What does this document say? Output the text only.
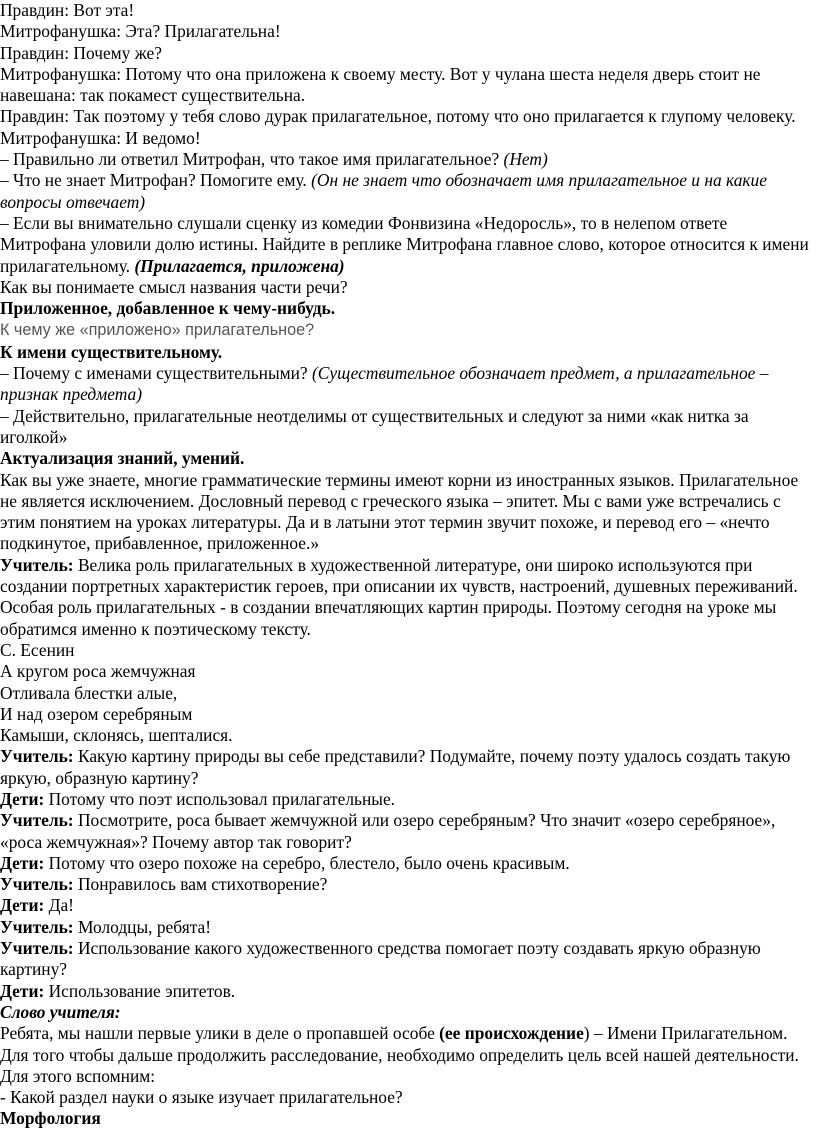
Правдин: Вот эта!

Митрофанушка: Эта? Прилагательна!

Правдин: Почему же?

Митрофанушка: Потому что она приложена к своему месту. Вот у чулана шеста неделя дверь стоит не навешана: так покамест существительна.

Правдин: Так поэтому у тебя слово дурак прилагательное, потому что оно прилагается к глупому человеку.

Митрофанушка: И ведомо!

– Правильно ли ответил Митрофан, что такое имя прилагательное? (Нет)

– Что не знает Митрофан? Помогите ему. (Он не знает что обозначает имя прилагательное и на какие вопросы отвечает)

– Если вы внимательно слушали сценку из комедии Фонвизина «Недоросль», то в нелепом ответе Митрофана уловили долю истины. Найдите в реплике Митрофана главное слово, которое относится к имени прилагательному. (Прилагается, приложена)

Как вы понимаете смысл названия части речи?

Приложенное, добавленное к чему-нибудь.

К чему же «приложено» прилагательное?

К имени существительному.

– Почему с именами существительными? (Существительное обозначает предмет, а прилагательное – признак предмета)

– Действительно, прилагательные неотделимы от существительных и следуют за ними «как нитка за иголкой»

Актуализация знаний, умений.

Как вы уже знаете, многие грамматические термины имеют корни из иностранных языков. Прилагательное не является исключением. Дословный перевод с греческого языка – эпитет. Мы с вами уже встречались с этим понятием на уроках литературы. Да и в латыни этот термин звучит похоже, и перевод его – «нечто подкинутое, прибавленное, приложенное.»

Учитель: Велика роль прилагательных в художественной литературе, они широко используются при создании портретных характеристик героев, при описании их чувств, настроений, душевных переживаний. Особая роль прилагательных - в создании впечатляющих картин природы. Поэтому сегодня на уроке мы обратимся именно к поэтическому тексту.

С. Есенин

А кругом роса жемчужная

Отливала блестки алые,

И над озером серебряным

Камыши, склонясь, шепталися.

Учитель: Какую картину природы вы себе представили? Подумайте, почему поэту удалось создать такую яркую, образную картину?

Дети: Потому что поэт использовал прилагательные.

Учитель: Посмотрите, роса бывает жемчужной или озеро серебряным? Что значит «озеро серебряное», «роса жемчужная»? Почему автор так говорит?

Дети: Потому что озеро похоже на серебро, блестело, было очень красивым.

Учитель: Понравилось вам стихотворение?

Дети: Да!

Учитель: Молодцы, ребята!

Учитель: Использование какого художественного средства помогает поэту создавать яркую образную картину?

Дети: Использование эпитетов.

Слово учителя:

Ребята, мы нашли первые улики в деле о пропавшей особе (ее происхождение) – Имени Прилагательном. Для того чтобы дальше продолжить расследование, необходимо определить цель всей нашей деятельности. Для этого вспомним:

- Какой раздел науки о языке изучает прилагательное?

Морфология
